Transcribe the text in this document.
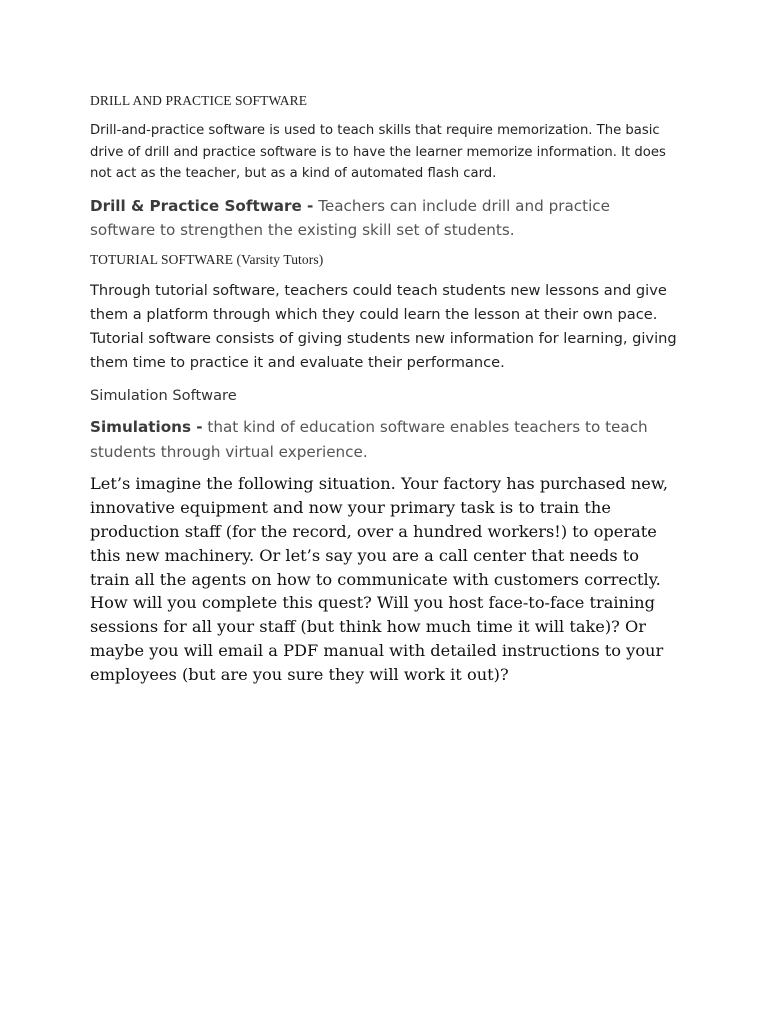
DRILL AND PRACTICE SOFTWARE

Drill-and-practice software is used to teach skills that require memorization. The basic drive of drill and practice software is to have the learner memorize information. It does not act as the teacher, but as a kind of automated flash card.

Drill & Practice Software - Teachers can include drill and practice software to strengthen the existing skill set of students.

TOTURIAL SOFTWARE (Varsity Tutors)

Through tutorial software, teachers could teach students new lessons and give them a platform through which they could learn the lesson at their own pace. Tutorial software consists of giving students new information for learning, giving them time to practice it and evaluate their performance.

Simulation Software

Simulations - that kind of education software enables teachers to teach students through virtual experience.

Let’s imagine the following situation. Your factory has purchased new, innovative equipment and now your primary task is to train the production staff (for the record, over a hundred workers!) to operate this new machinery. Or let’s say you are a call center that needs to train all the agents on how to communicate with customers correctly. How will you complete this quest? Will you host face-to-face training sessions for all your staff (but think how much time it will take)? Or maybe you will email a PDF manual with detailed instructions to your employees (but are you sure they will work it out)?
